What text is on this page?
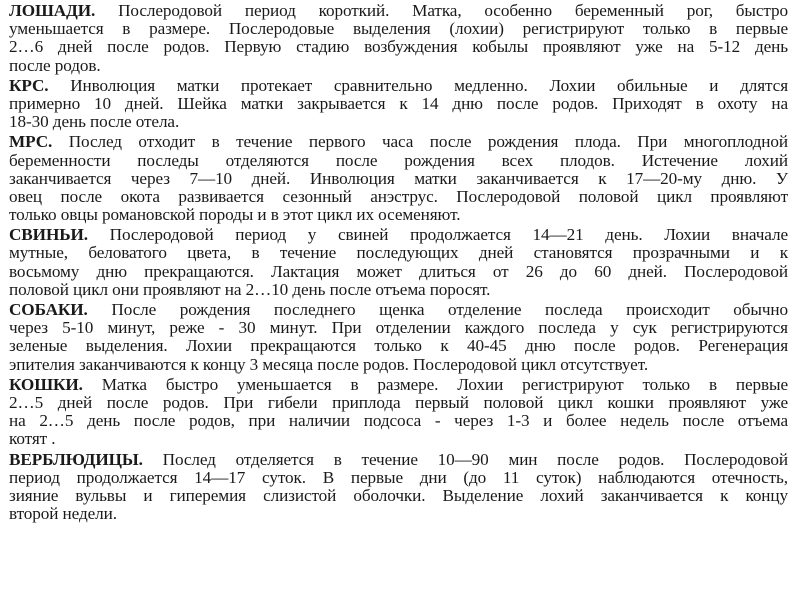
ЛОШАДИ. Послеродовой период короткий. Матка, особенно беременный рог, быстро
уменьшается в размере. Послеродовые выделения (лохии) регистрируют только в первые
2…6 дней после родов. Первую стадию возбуждения кобылы проявляют уже на 5-12 день
после родов.
КРС. Инволюция матки протекает сравнительно медленно. Лохии обильные и длятся
примерно 10 дней. Шейка матки закрывается к 14 дню после родов. Приходят в охоту на
18-30 день после отела.
МРС. Послед отходит в течение первого часа после рождения плода. При многоплодной
беременности последы отделяются после рождения всех плодов. Истечение лохий
заканчивается через 7—10 дней. Инволюция матки заканчивается к 17—20-му дню. У
овец после окота развивается сезонный анэструс. Послеродовой половой цикл проявляют
только овцы романовской породы и в этот цикл их осеменяют.
СВИНЬИ. Послеродовой период у свиней продолжается 14—21 день. Лохии вначале
мутные, беловатого цвета, в течение последующих дней становятся прозрачными и к
восьмому дню прекращаются. Лактация может длиться от 26 до 60 дней. Послеродовой
половой цикл они проявляют на 2…10 день после отъема поросят.
СОБАКИ. После рождения последнего щенка отделение последа происходит обычно
через 5-10 минут, реже - 30 минут. При отделении каждого последа у сук регистрируются
зеленые выделения. Лохии прекращаются только к 40-45 дню после родов. Регенерация
эпителия заканчиваются к концу 3 месяца после родов. Послеродовой цикл отсутствует.
КОШКИ. Матка быстро уменьшается в размере. Лохии регистрируют только в первые
2…5 дней после родов. При гибели приплода первый половой цикл кошки проявляют уже
на 2…5 день после родов, при наличии подсоса - через 1-3 и более недель после отъема
котят .
ВЕРБЛЮДИЦЫ. Послед отделяется в течение 10—90 мин после родов. Послеродовой
период продолжается 14—17 суток. В первые дни (до 11 суток) наблюдаются отечность,
зияние вульвы и гиперемия слизистой оболочки. Выделение лохий заканчивается к концу
второй недели.
